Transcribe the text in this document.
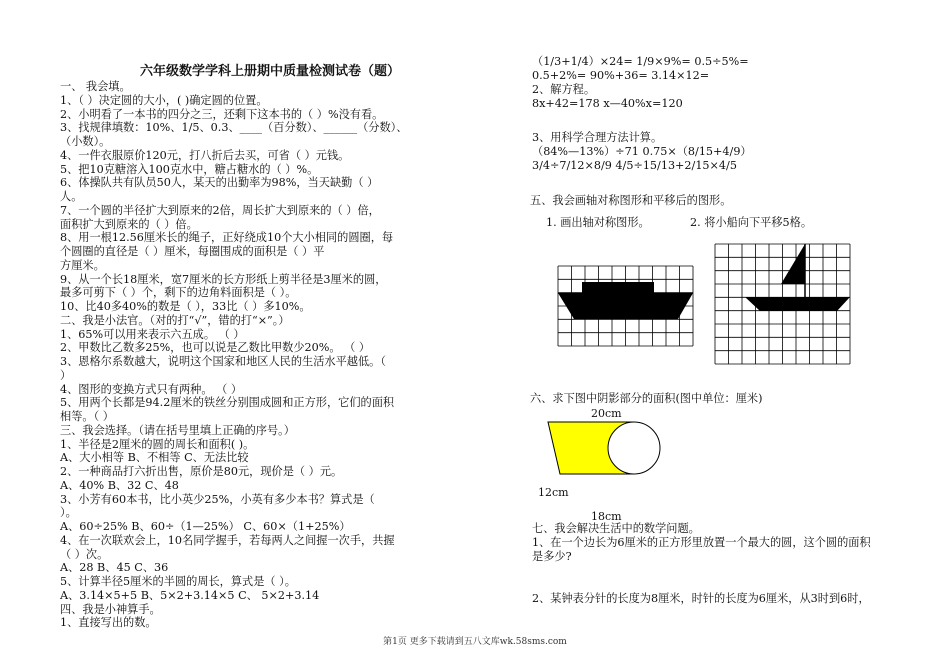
六年级数学学科上册期中质量检测试卷（题）
一、 我会填。
1、（ ）决定圆的大小，( )确定圆的位置。
2、小明看了一本书的四分之三，还剩下这本书的（ ）%没有看。
3、找规律填数：10%、1/5、0.3、____（百分数）、______（分数）、
（小数）。
4、一件衣服原价120元，打八折后去买，可省（ ）元钱。
5、把10克糖溶入100克水中，糖占糖水的（ ）%。
6、体操队共有队员50人，某天的出勤率为98%，当天缺勤（ ）
人。
7、一个圆的半径扩大到原来的2倍，周长扩大到原来的（ ）倍，
面积扩大到原来的（ ）倍。
8、用一根12.56厘米长的绳子，正好绕成10个大小相同的圆圈，每
个圆圈的直径是（ ）厘米，每圈围成的面积是（ ）平
方厘米。
9、从一个长18厘米，宽7厘米的长方形纸上剪半径是3厘米的圆，
最多可剪下（ ）个，剩下的边角料面积是（ ）。
10、比40多40%的数是（ ），33比（ ）多10%。
二、我是小法官。（对的打“√”，错的打“×”。）
1、65%可以用来表示六五成。 （ ）
2、甲数比乙数多25%，也可以说是乙数比甲数少20%。 （ ）
3、恩格尔系数越大，说明这个国家和地区人民的生活水平越低。（
）
4、图形的变换方式只有两种。 （ ）
5、用两个长都是94.2厘米的铁丝分别围成圆和正方形，它们的面积
相等。（ ）
三、我会选择。（请在括号里填上正确的序号。）
1、半径是2厘米的圆的周长和面积( )。
A、大小相等 B、不相等 C、无法比较
2、一种商品打六折出售，原价是80元，现价是（ ）元。
A、40% B、32 C、48
3、小芳有60本书，比小英少25%，小英有多少本书？算式是（
）。
A、60÷25% B、60÷（1—25%） C、60×（1+25%）
4、在一次联欢会上，10名同学握手，若每两人之间握一次手，共握
（ ）次。
A、28 B、45 C、36
5、计算半径5厘米的半圆的周长，算式是（ ）。
A、3.14×5+5 B、5×2+3.14×5 C、 5×2+3.14
四、我是小神算手。
1、直接写出的数。
（1/3+1/4）×24= 1/9×9%= 0.5÷5%=
0.5+2%= 90%+36= 3.14×12=
2、解方程。
8x+42=178 x—40%x=120
3、用科学合理方法计算。
（84%—13%）÷71 0.75×（8/15+4/9）
3/4÷7/12×8/9 4/5÷15/13+2/15×4/5
五、我会画轴对称图形和平移后的图形。
1. 画出轴对称图形。	2. 将小船向下平移5格。
六、求下图中阴影部分的面积(图中单位：厘米)
20cm
12cm
18cm
七、我会解决生活中的数学问题。
1、在一个边长为6厘米的正方形里放置一个最大的圆，这个圆的面积
是多少?
2、某钟表分针的长度为8厘米，时针的长度为6厘米，从3时到6时，
第1页 更多下载请到五八文库wk.58sms.com
